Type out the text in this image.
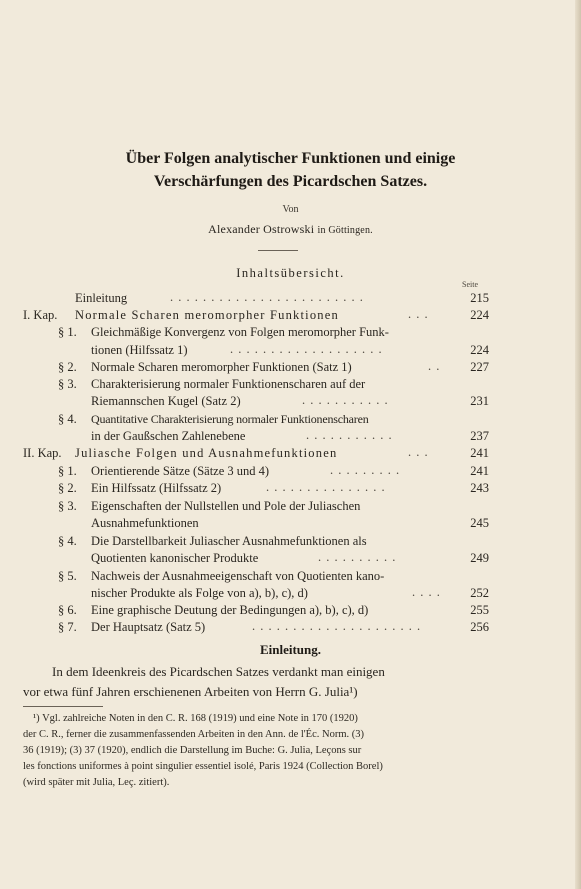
Über Folgen analytischer Funktionen und einige
Verschärfungen des Picardschen Satzes.
Von
Alexander Ostrowski in Göttingen.
Inhaltsübersicht.
Seite
Einleitung	. . . . . . . . . . . . . . . . . . . . . . . .	215
I. Kap. Normale Scharen meromorpher Funktionen	. . .	224
§ 1. Gleichmäßige Konvergenz von Folgen meromorpher Funk-
tionen (Hilfssatz 1)	. . . . . . . . . . . . . . . . . . .	224
§ 2. Normale Scharen meromorpher Funktionen (Satz 1)	. .	227
§ 3. Charakterisierung normaler Funktionenscharen auf der
Riemannschen Kugel (Satz 2)	. . . . . . . . . . .	231
§ 4. Quantitative Charakterisierung normaler Funktionenscharen
in der Gaußschen Zahlenebene	. . . . . . . . . . .	237
II. Kap. Juliasche Folgen und Ausnahmefunktionen	. . .	241
§ 1. Orientierende Sätze (Sätze 3 und 4)	. . . . . . . . .	241
§ 2. Ein Hilfssatz (Hilfssatz 2)	. . . . . . . . . . . . . . .	243
§ 3. Eigenschaften der Nullstellen und Pole der Juliaschen
Ausnahmefunktionen	245
§ 4. Die Darstellbarkeit Juliascher Ausnahmefunktionen als
Quotienten kanonischer Produkte	. . . . . . . . . .	249
§ 5. Nachweis der Ausnahmeeigenschaft von Quotienten kano-
nischer Produkte als Folge von a), b), c), d)	. . . .	252
§ 6. Eine graphische Deutung der Bedingungen a), b), c), d)	255
§ 7. Der Hauptsatz (Satz 5)	. . . . . . . . . . . . . . . . . . . . .	256
Einleitung.
In dem Ideenkreis des Picardschen Satzes verdankt man einigen
vor etwa fünf Jahren erschienenen Arbeiten von Herrn G. Julia¹)
¹) Vgl. zahlreiche Noten in den C. R. 168 (1919) und eine Note in 170 (1920)
der C. R., ferner die zusammenfassenden Arbeiten in den Ann. de l'Éc. Norm. (3)
36 (1919); (3) 37 (1920), endlich die Darstellung im Buche: G. Julia, Leçons sur
les fonctions uniformes à point singulier essentiel isolé, Paris 1924 (Collection Borel)
(wird später mit Julia, Leç. zitiert).
